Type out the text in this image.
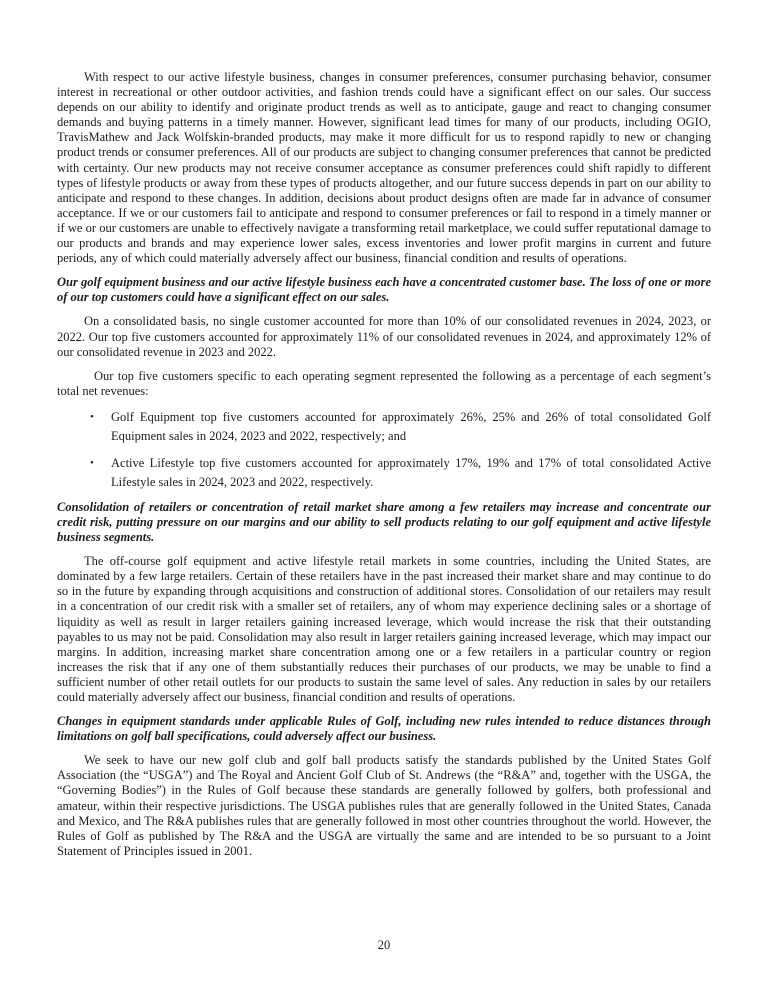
With respect to our active lifestyle business, changes in consumer preferences, consumer purchasing behavior, consumer interest in recreational or other outdoor activities, and fashion trends could have a significant effect on our sales. Our success depends on our ability to identify and originate product trends as well as to anticipate, gauge and react to changing consumer demands and buying patterns in a timely manner. However, significant lead times for many of our products, including OGIO, TravisMathew and Jack Wolfskin-branded products, may make it more difficult for us to respond rapidly to new or changing product trends or consumer preferences. All of our products are subject to changing consumer preferences that cannot be predicted with certainty. Our new products may not receive consumer acceptance as consumer preferences could shift rapidly to different types of lifestyle products or away from these types of products altogether, and our future success depends in part on our ability to anticipate and respond to these changes. In addition, decisions about product designs often are made far in advance of consumer acceptance. If we or our customers fail to anticipate and respond to consumer preferences or fail to respond in a timely manner or if we or our customers are unable to effectively navigate a transforming retail marketplace, we could suffer reputational damage to our products and brands and may experience lower sales, excess inventories and lower profit margins in current and future periods, any of which could materially adversely affect our business, financial condition and results of operations.

Our golf equipment business and our active lifestyle business each have a concentrated customer base. The loss of one or more of our top customers could have a significant effect on our sales.

On a consolidated basis, no single customer accounted for more than 10% of our consolidated revenues in 2024, 2023, or 2022. Our top five customers accounted for approximately 11% of our consolidated revenues in 2024, and approximately 12% of our consolidated revenue in 2023 and 2022.

Our top five customers specific to each operating segment represented the following as a percentage of each segment’s total net revenues:

• Golf Equipment top five customers accounted for approximately 26%, 25% and 26% of total consolidated Golf Equipment sales in 2024, 2023 and 2022, respectively; and
• Active Lifestyle top five customers accounted for approximately 17%, 19% and 17% of total consolidated Active Lifestyle sales in 2024, 2023 and 2022, respectively.

Consolidation of retailers or concentration of retail market share among a few retailers may increase and concentrate our credit risk, putting pressure on our margins and our ability to sell products relating to our golf equipment and active lifestyle business segments.

The off-course golf equipment and active lifestyle retail markets in some countries, including the United States, are dominated by a few large retailers. Certain of these retailers have in the past increased their market share and may continue to do so in the future by expanding through acquisitions and construction of additional stores. Consolidation of our retailers may result in a concentration of our credit risk with a smaller set of retailers, any of whom may experience declining sales or a shortage of liquidity as well as result in larger retailers gaining increased leverage, which would increase the risk that their outstanding payables to us may not be paid. Consolidation may also result in larger retailers gaining increased leverage, which may impact our margins. In addition, increasing market share concentration among one or a few retailers in a particular country or region increases the risk that if any one of them substantially reduces their purchases of our products, we may be unable to find a sufficient number of other retail outlets for our products to sustain the same level of sales. Any reduction in sales by our retailers could materially adversely affect our business, financial condition and results of operations.

Changes in equipment standards under applicable Rules of Golf, including new rules intended to reduce distances through limitations on golf ball specifications, could adversely affect our business.

We seek to have our new golf club and golf ball products satisfy the standards published by the United States Golf Association (the “USGA”) and The Royal and Ancient Golf Club of St. Andrews (the “R&A” and, together with the USGA, the “Governing Bodies”) in the Rules of Golf because these standards are generally followed by golfers, both professional and amateur, within their respective jurisdictions. The USGA publishes rules that are generally followed in the United States, Canada and Mexico, and The R&A publishes rules that are generally followed in most other countries throughout the world. However, the Rules of Golf as published by The R&A and the USGA are virtually the same and are intended to be so pursuant to a Joint Statement of Principles issued in 2001.

20
